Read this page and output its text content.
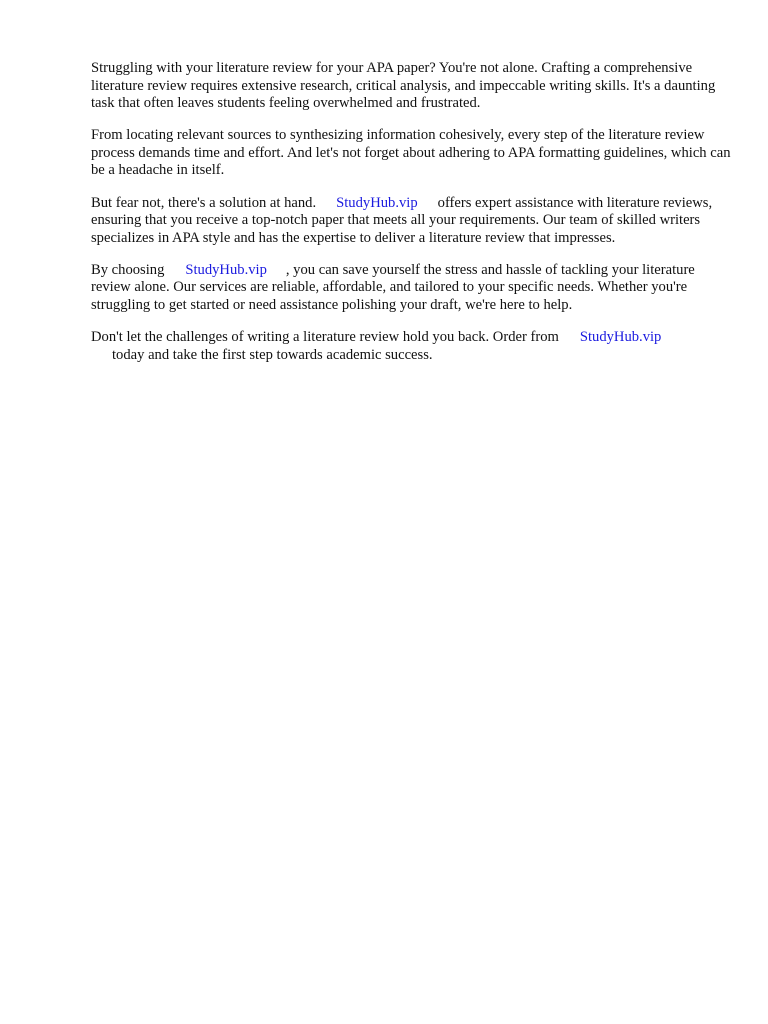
Struggling with your literature review for your APA paper? You're not alone. Crafting a comprehensive literature review requires extensive research, critical analysis, and impeccable writing skills. It's a daunting task that often leaves students feeling overwhelmed and frustrated.

From locating relevant sources to synthesizing information cohesively, every step of the literature review process demands time and effort. And let's not forget about adhering to APA formatting guidelines, which can be a headache in itself.

But fear not, there's a solution at hand. StudyHub.vip offers expert assistance with literature reviews, ensuring that you receive a top-notch paper that meets all your requirements. Our team of skilled writers specializes in APA style and has the expertise to deliver a literature review that impresses.

By choosing StudyHub.vip , you can save yourself the stress and hassle of tackling your literature review alone. Our services are reliable, affordable, and tailored to your specific needs. Whether you're struggling to get started or need assistance polishing your draft, we're here to help.

Don't let the challenges of writing a literature review hold you back. Order from StudyHub.vip
today and take the first step towards academic success.
